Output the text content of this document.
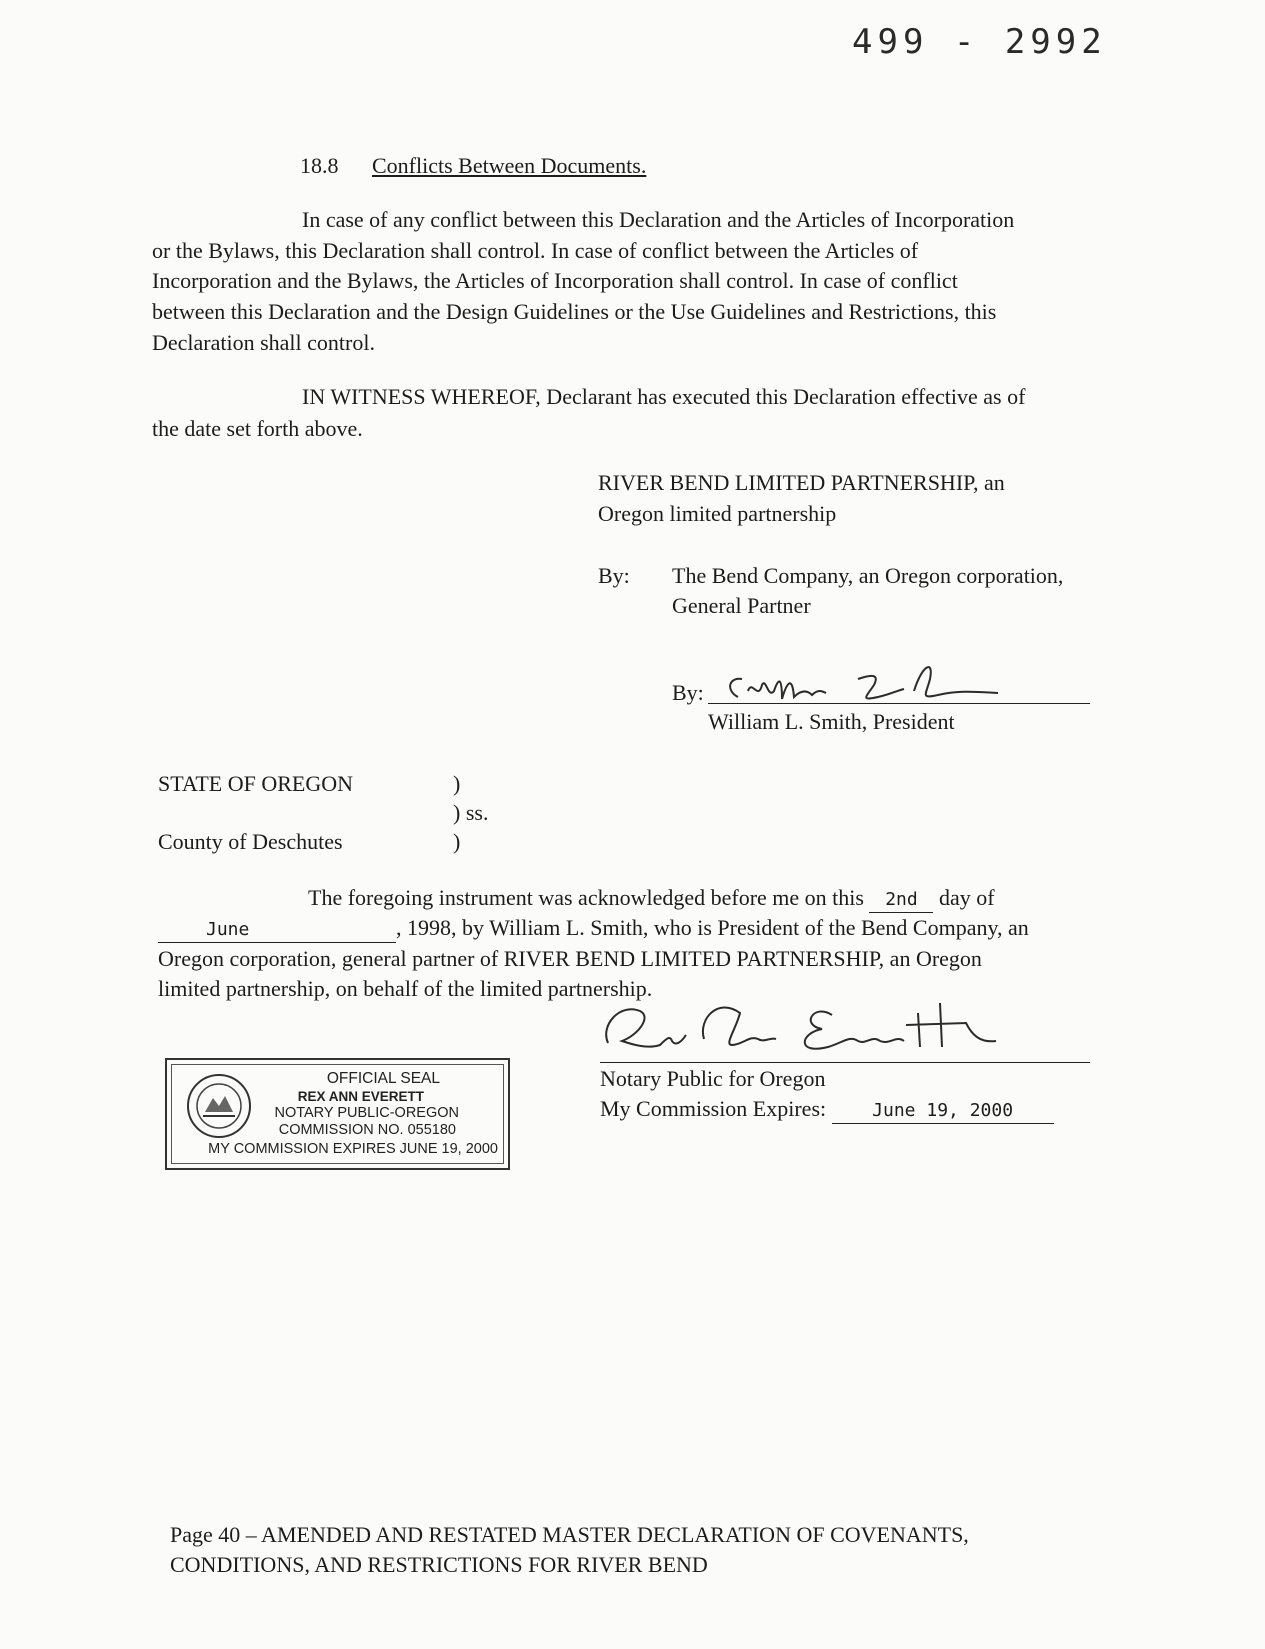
499 - 2992
18.8 Conflicts Between Documents.
In case of any conflict between this Declaration and the Articles of Incorporation
or the Bylaws, this Declaration shall control. In case of conflict between the Articles of
Incorporation and the Bylaws, the Articles of Incorporation shall control. In case of conflict
between this Declaration and the Design Guidelines or the Use Guidelines and Restrictions, this
Declaration shall control.
IN WITNESS WHEREOF, Declarant has executed this Declaration effective as of
the date set forth above.
RIVER BEND LIMITED PARTNERSHIP, an
Oregon limited partnership
By: The Bend Company, an Oregon corporation,
General Partner
By:
William L. Smith, President
STATE OF OREGON	)
) ss.
County of Deschutes	)
The foregoing instrument was acknowledged before me on this 2nd day of
June	, 1998, by William L. Smith, who is President of the Bend Company, an
Oregon corporation, general partner of RIVER BEND LIMITED PARTNERSHIP, an Oregon
limited partnership, on behalf of the limited partnership.
Notary Public for Oregon
My Commission Expires:	June 19, 2000
OFFICIAL SEAL
REX ANN EVERETT
NOTARY PUBLIC-OREGON
COMMISSION NO. 055180
MY COMMISSION EXPIRES JUNE 19, 2000
Page 40 – AMENDED AND RESTATED MASTER DECLARATION OF COVENANTS,
CONDITIONS, AND RESTRICTIONS FOR RIVER BEND
